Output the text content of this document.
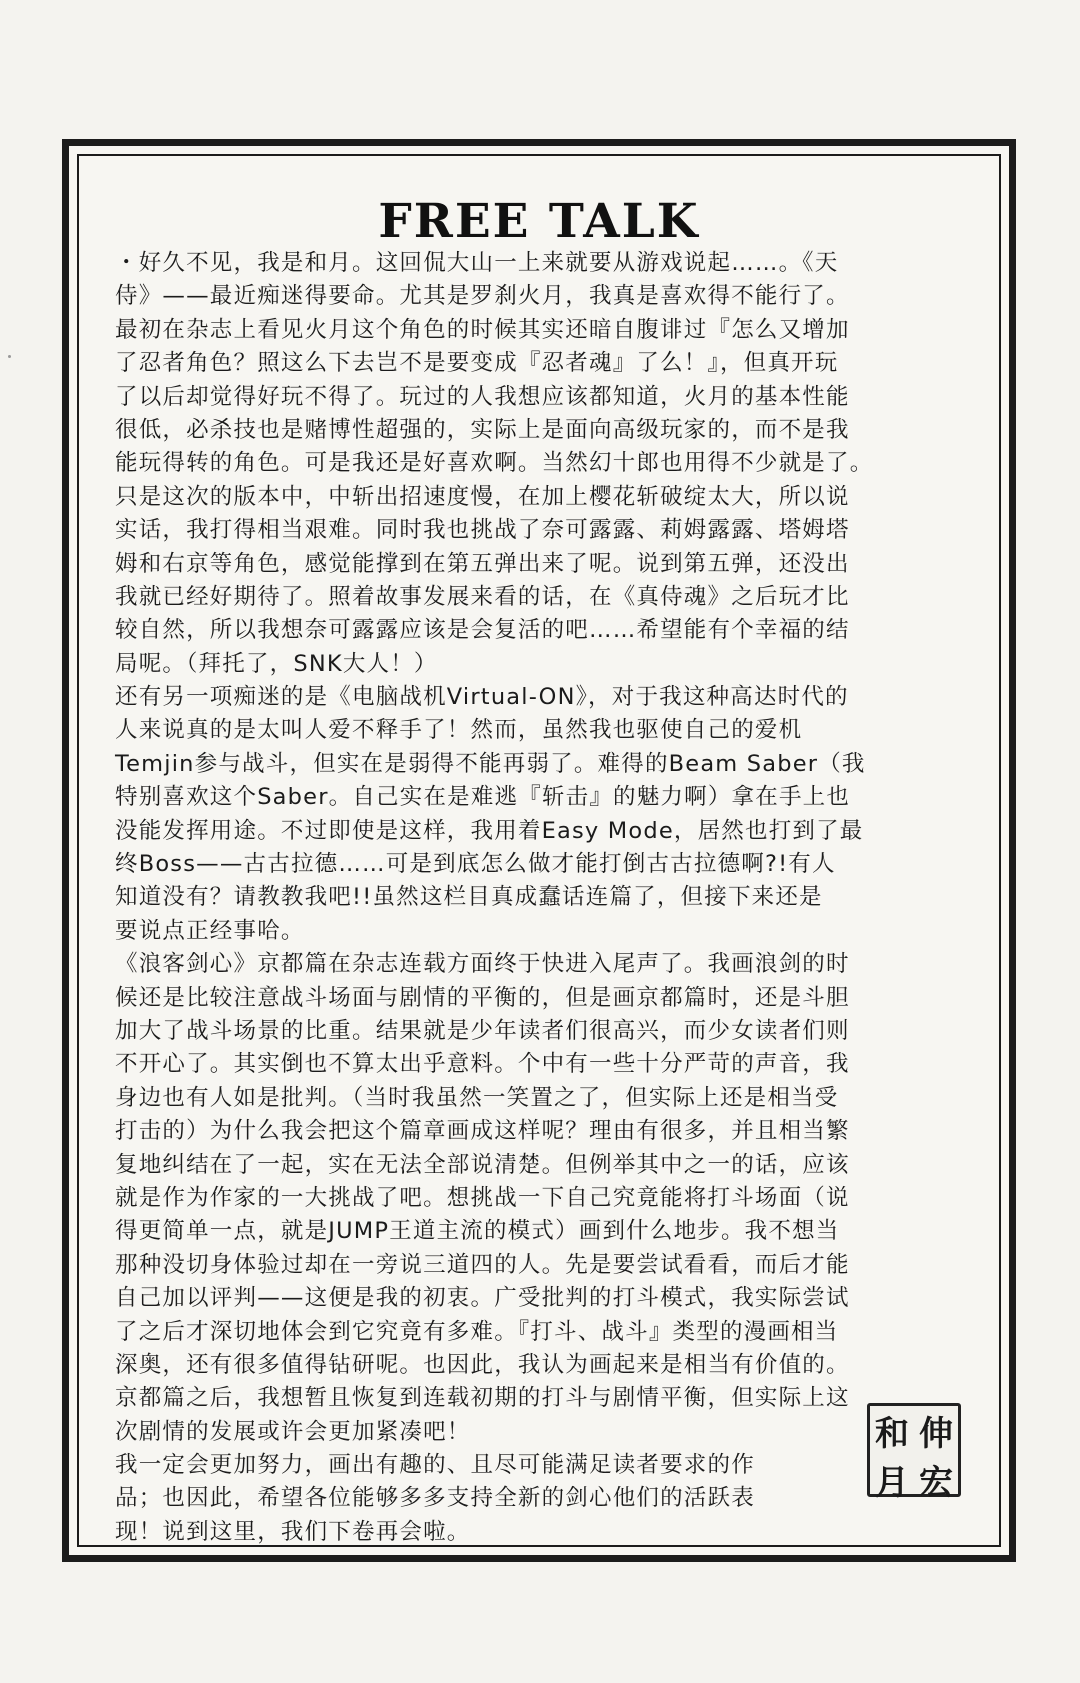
FREE TALK
・好久不见，我是和月。这回侃大山一上来就要从游戏说起……。《天
侍》——最近痴迷得要命。尤其是罗刹火月，我真是喜欢得不能行了。
最初在杂志上看见火月这个角色的时候其实还暗自腹诽过『怎么又增加
了忍者角色？照这么下去岂不是要变成『忍者魂』了么！』，但真开玩
了以后却觉得好玩不得了。玩过的人我想应该都知道，火月的基本性能
很低，必杀技也是赌博性超强的，实际上是面向高级玩家的，而不是我
能玩得转的角色。可是我还是好喜欢啊。当然幻十郎也用得不少就是了。
只是这次的版本中，中斩出招速度慢，在加上樱花斩破绽太大，所以说
实话，我打得相当艰难。同时我也挑战了奈可露露、莉姆露露、塔姆塔
姆和右京等角色，感觉能撑到在第五弹出来了呢。说到第五弹，还没出
我就已经好期待了。照着故事发展来看的话，在《真侍魂》之后玩才比
较自然，所以我想奈可露露应该是会复活的吧……希望能有个幸福的结
局呢。（拜托了，SNK大人！）
还有另一项痴迷的是《电脑战机Virtual-ON》，对于我这种高达时代的
人来说真的是太叫人爱不释手了！然而，虽然我也驱使自己的爱机
Temjin参与战斗，但实在是弱得不能再弱了。难得的Beam Saber（我
特别喜欢这个Saber。自己实在是难逃『斩击』的魅力啊）拿在手上也
没能发挥用途。不过即使是这样，我用着Easy Mode，居然也打到了最
终Boss——古古拉德……可是到底怎么做才能打倒古古拉德啊?!有人
知道没有？请教教我吧!!虽然这栏目真成蠢话连篇了，但接下来还是
要说点正经事哈。
《浪客剑心》京都篇在杂志连载方面终于快进入尾声了。我画浪剑的时
候还是比较注意战斗场面与剧情的平衡的，但是画京都篇时，还是斗胆
加大了战斗场景的比重。结果就是少年读者们很高兴，而少女读者们则
不开心了。其实倒也不算太出乎意料。个中有一些十分严苛的声音，我
身边也有人如是批判。（当时我虽然一笑置之了，但实际上还是相当受
打击的）为什么我会把这个篇章画成这样呢？理由有很多，并且相当繁
复地纠结在了一起，实在无法全部说清楚。但例举其中之一的话，应该
就是作为作家的一大挑战了吧。想挑战一下自己究竟能将打斗场面（说
得更简单一点，就是JUMP王道主流的模式）画到什么地步。我不想当
那种没切身体验过却在一旁说三道四的人。先是要尝试看看，而后才能
自己加以评判——这便是我的初衷。广受批判的打斗模式，我实际尝试
了之后才深切地体会到它究竟有多难。『打斗、战斗』类型的漫画相当
深奥，还有很多值得钻研呢。也因此，我认为画起来是相当有价值的。
京都篇之后，我想暂且恢复到连载初期的打斗与剧情平衡，但实际上这
次剧情的发展或许会更加紧凑吧！
我一定会更加努力，画出有趣的、且尽可能满足读者要求的作
品；也因此，希望各位能够多多支持全新的剑心他们的活跃表
现！说到这里，我们下卷再会啦。
和 伸
月 宏
